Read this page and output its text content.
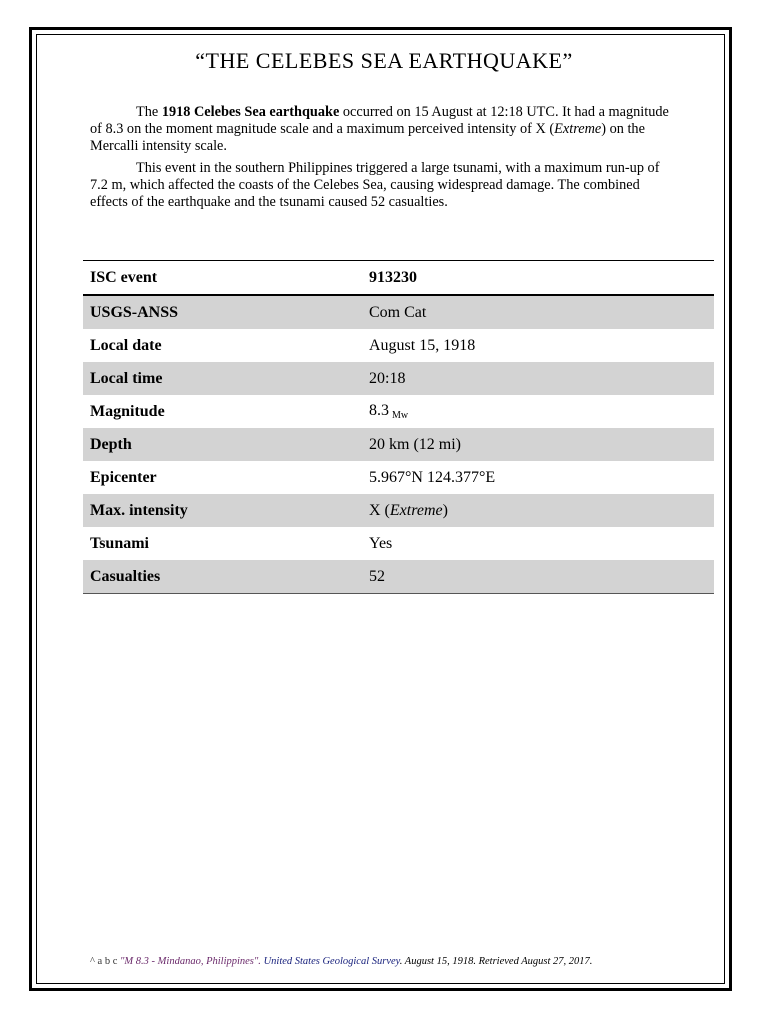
“THE CELEBES SEA EARTHQUAKE”

The 1918 Celebes Sea earthquake occurred on 15 August at 12:18 UTC. It had a magnitude of 8.3 on the moment magnitude scale and a maximum perceived intensity of X (Extreme) on the Mercalli intensity scale.

This event in the southern Philippines triggered a large tsunami, with a maximum run-up of 7.2 m, which affected the coasts of the Celebes Sea, causing widespread damage. The combined effects of the earthquake and the tsunami caused 52 casualties.

ISC event	913230
USGS-ANSS	Com Cat
Local date	August 15, 1918
Local time	20:18
Magnitude	8.3 Mw
Depth	20 km (12 mi)
Epicenter	5.967°N 124.377°E
Max. intensity	X (Extreme)
Tsunami	Yes
Casualties	52
^ a b c "M 8.3 - Mindanao, Philippines". United States Geological Survey. August 15, 1918. Retrieved August 27, 2017.
